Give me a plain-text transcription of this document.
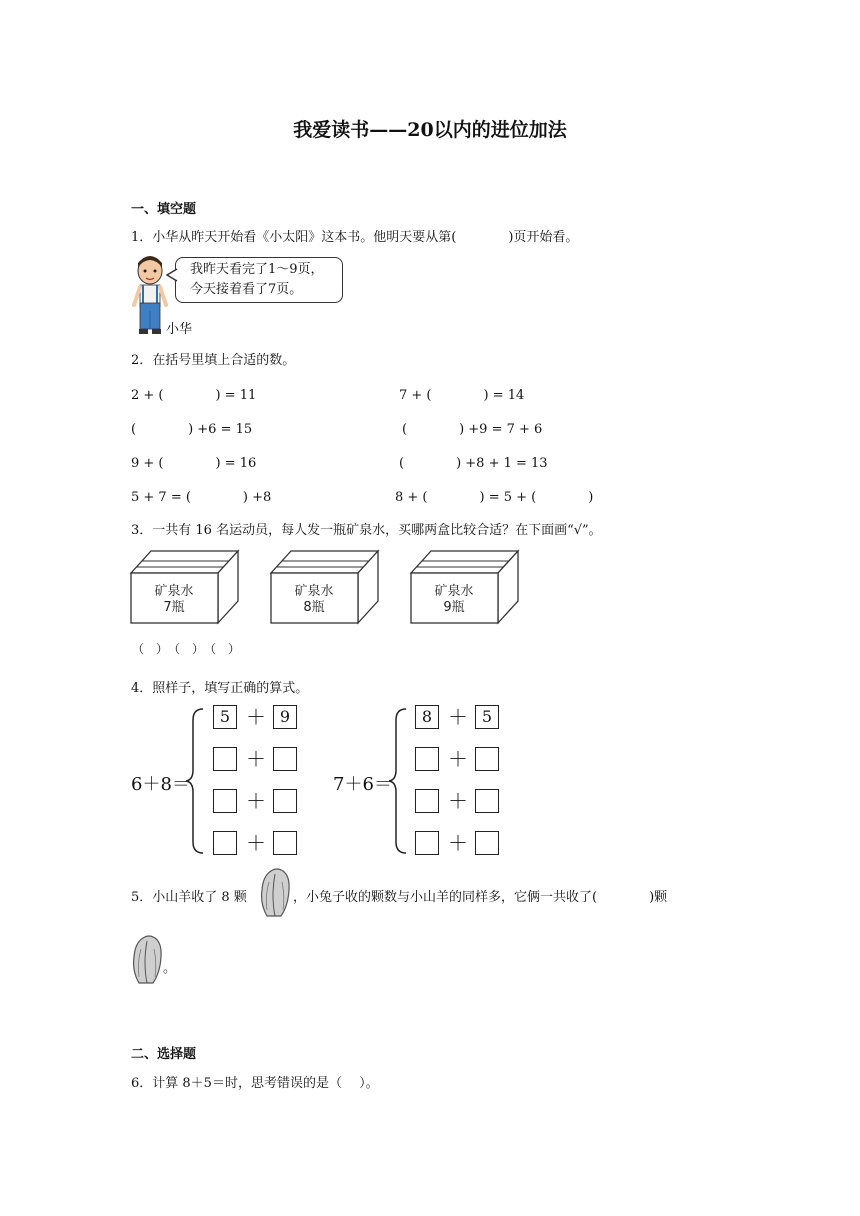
我爱读书——20以内的进位加法
一、填空题
1．小华从昨天开始看《小太阳》这本书。他明天要从第(　　　　)页开始看。
我昨天看完了1～9页，
今天接着看了7页。
小华
2．在括号里填上合适的数。
2 + (　　　　) = 11	7 + (　　　　) = 14
(　　　　) +6 = 15	(　　　　) +9 = 7 + 6
9 + (　　　　) = 16	(　　　　) +8 + 1 = 13
5 + 7 = (　　　　) +8	8 + (　　　　) = 5 + (　　　　)
3．一共有 16 名运动员，每人发一瓶矿泉水，买哪两盒比较合适？在下面画“√”。
矿泉水
7瓶
矿泉水
8瓶
矿泉水
9瓶
（　）　（　）　（　）
4．照样子，填写正确的算式。
6＋8＝
5 ＋ 9
＋
＋
＋
7＋6＝
8 ＋ 5
＋
＋
＋
5．小山羊收了 8 颗	，小兔子收的颗数与小山羊的同样多，它俩一共收了(　　　　)颗
。
二、选择题
6．计算 8＋5＝时，思考错误的是（　 ）。
